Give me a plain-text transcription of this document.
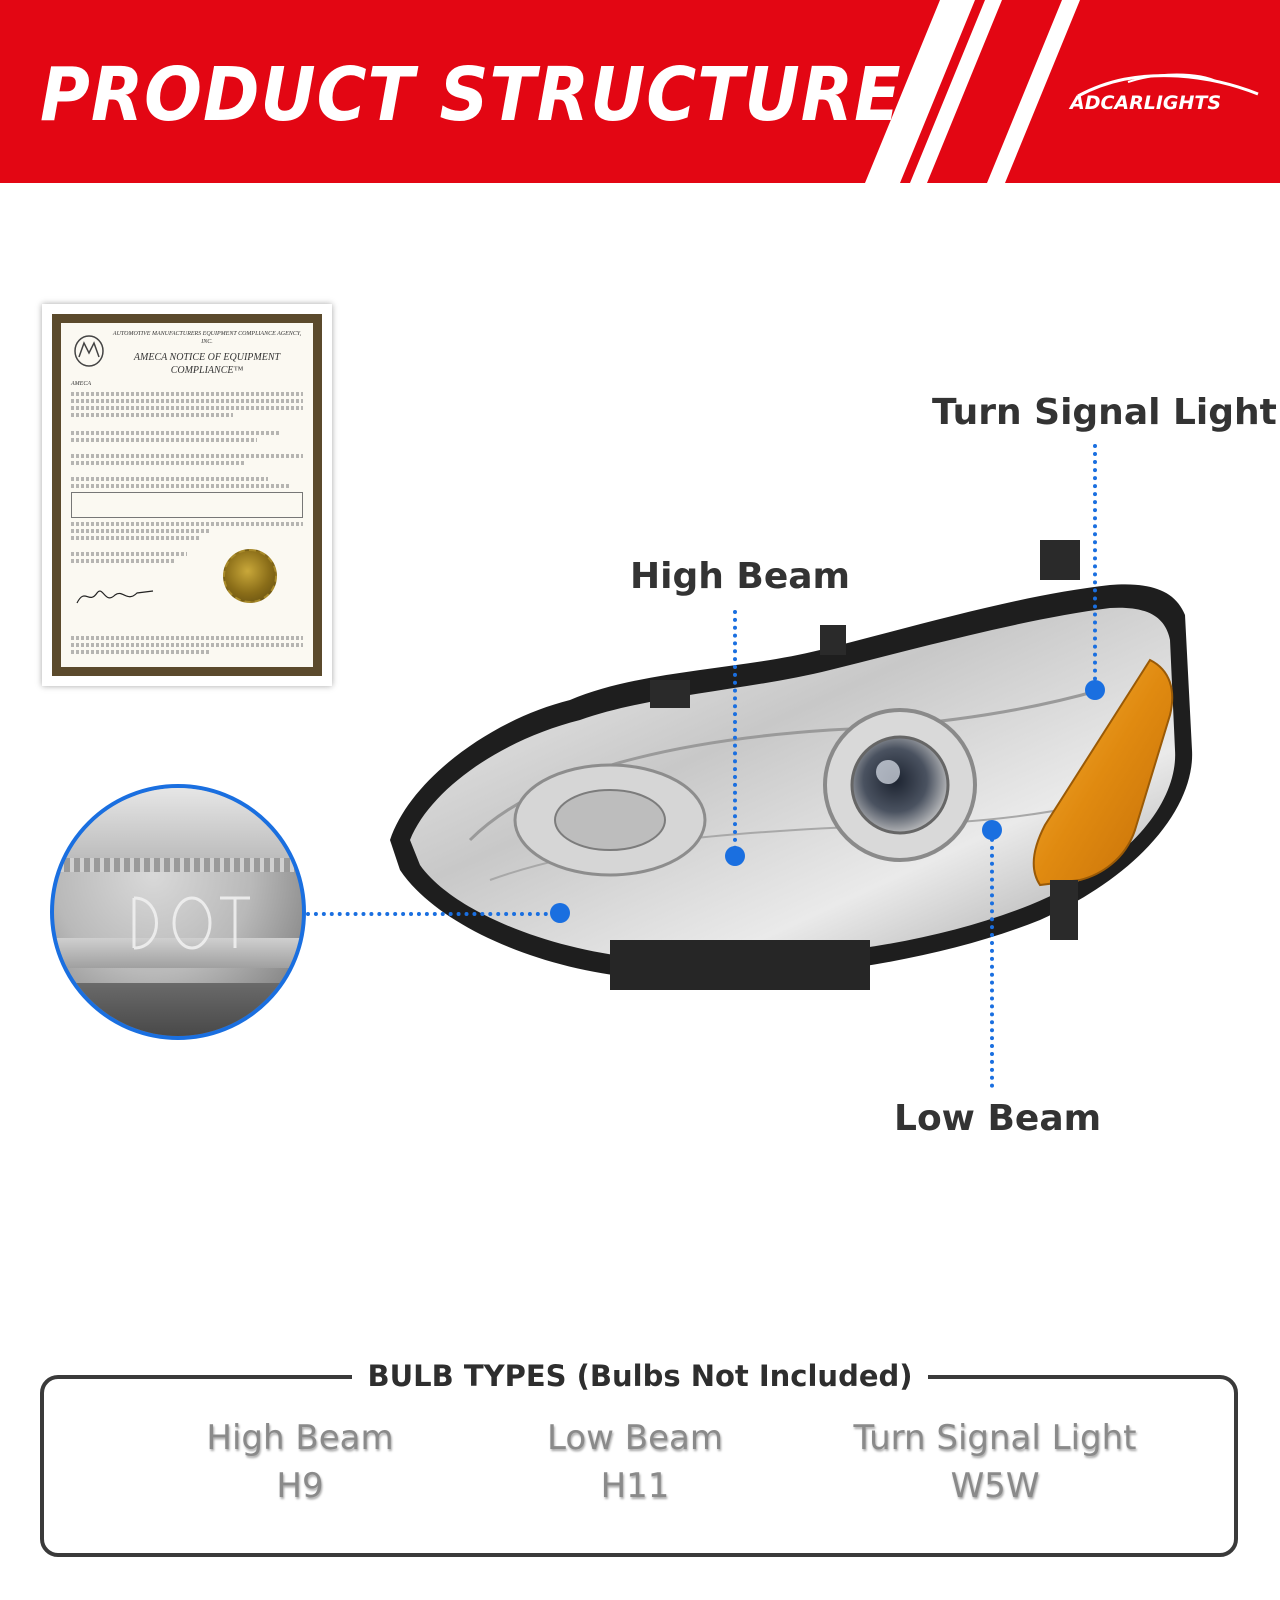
PRODUCT STRUCTURE	ADCARLIGHTS
AUTOMOTIVE MANUFACTURERS EQUIPMENT COMPLIANCE AGENCY, INC.
AMECA NOTICE OF EQUIPMENT COMPLIANCE™
AMECA
Turn Signal Light
High Beam
Low Beam
BULB TYPES (Bulbs Not Included)
High Beam
H9
Low Beam
H11
Turn Signal Light
W5W
